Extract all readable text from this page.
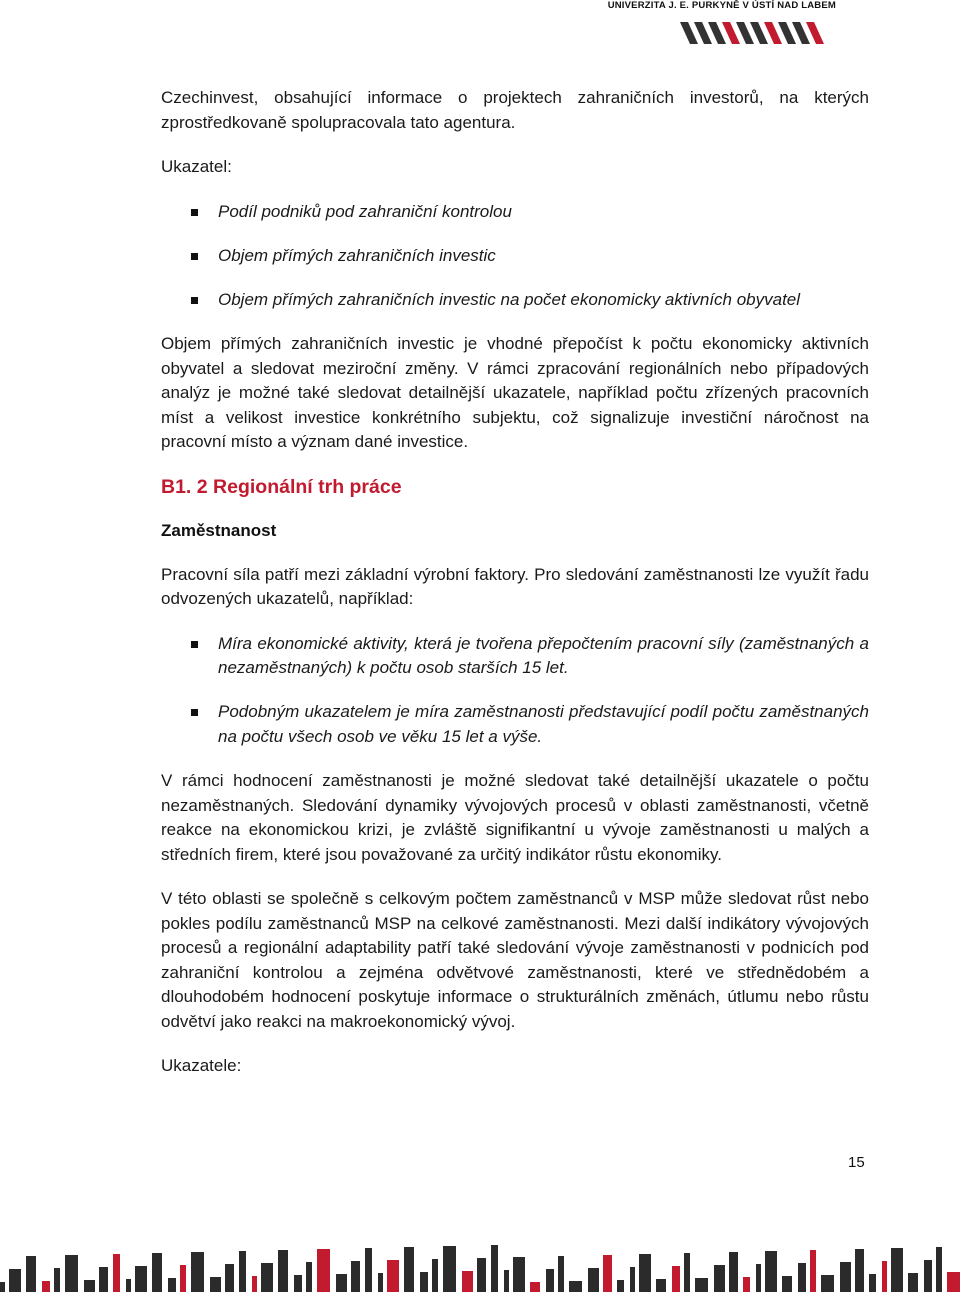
UNIVERZITA J. E. PURKYNĚ V ÚSTÍ NAD LABEM

Czechinvest, obsahující informace o projektech zahraničních investorů, na kterých zprostředkovaně spolupracovala tato agentura.

Ukazatel:

Podíl podniků pod zahraniční kontrolou
Objem přímých zahraničních investic
Objem přímých zahraničních investic na počet ekonomicky aktivních obyvatel

Objem přímých zahraničních investic je vhodné přepočíst k počtu ekonomicky aktivních obyvatel a sledovat meziroční změny. V rámci zpracování regionálních nebo případových analýz je možné také sledovat detailnější ukazatele, například počtu zřízených pracovních míst a velikost investice konkrétního subjektu, což signalizuje investiční náročnost na pracovní místo a význam dané investice.

B1. 2 Regionální trh práce
Zaměstnanost

Pracovní síla patří mezi základní výrobní faktory. Pro sledování zaměstnanosti lze využít řadu odvozených ukazatelů, například:

Míra ekonomické aktivity, která je tvořena přepočtením pracovní síly (zaměstnaných a nezaměstnaných) k počtu osob starších 15 let.
Podobným ukazatelem je míra zaměstnanosti představující podíl počtu zaměstnaných na počtu všech osob ve věku 15 let a výše.

V rámci hodnocení zaměstnanosti je možné sledovat také detailnější ukazatele o počtu nezaměstnaných. Sledování dynamiky vývojových procesů v oblasti zaměstnanosti, včetně reakce na ekonomickou krizi, je zvláště signifikantní u vývoje zaměstnanosti u malých a středních firem, které jsou považované za určitý indikátor růstu ekonomiky.

V této oblasti se společně s celkovým počtem zaměstnanců v MSP může sledovat růst nebo pokles podílu zaměstnanců MSP na celkové zaměstnanosti. Mezi další indikátory vývojových procesů a regionální adaptability patří také sledování vývoje zaměstnanosti v podnicích pod zahraniční kontrolou a zejména odvětvové zaměstnanosti, které ve střednědobém a dlouhodobém hodnocení poskytuje informace o strukturálních změnách, útlumu nebo růstu odvětví jako reakci na makroekonomický vývoj.

Ukazatele:

15
